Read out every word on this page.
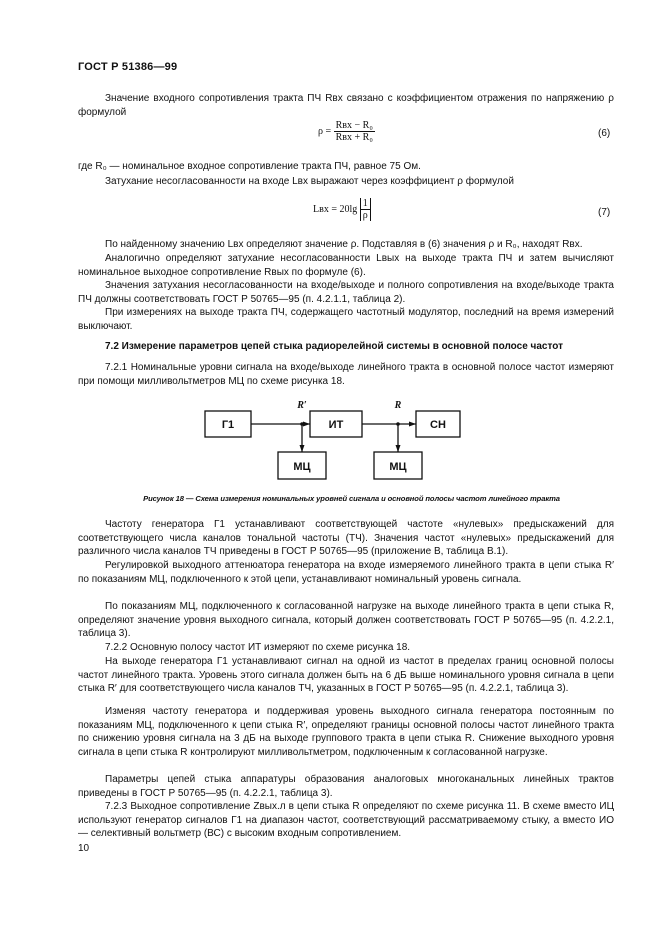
ГОСТ Р 51386—99
Значение входного сопротивления тракта ПЧ Rвх связано с коэффициентом отражения по напряжению ρ формулой
$\rho = \frac{\text{Rвх − R₀}}{\text{Rвх + R₀}}$	(6)
где R₀ — номинальное входное сопротивление тракта ПЧ, равное 75 Ом.
Затухание несогласованности на входе Lвх выражают через коэффициент ρ формулой
Lвх = $20\lg \frac{1}{\rho}$	(7)
По найденному значению Lвх определяют значение ρ. Подставляя в (6) значения ρ и R₀, находят Rвх.
Аналогично определяют затухание несогласованности Lвых на выходе тракта ПЧ и затем вычисляют номинальное выходное сопротивление Rвых по формуле (6).
Значения затухания несогласованности на входе/выходе и полного сопротивления на входе/выходе тракта ПЧ должны соответствовать ГОСТ Р 50765—95 (п. 4.2.1.1, таблица 2).
При измерениях на выходе тракта ПЧ, содержащего частотный модулятор, последний на время измерений выключают.
7.2 Измерение параметров цепей стыка радиорелейной системы в основной полосе частот
7.2.1 Номинальные уровни сигнала на входе/выходе линейного тракта в основной полосе частот измеряют при помощи милливольтметров МЦ по схеме рисунка 18.
Г1	ИТ	СН
МЦ	МЦ
R′	R
Рисунок 18 — Схема измерения номинальных уровней сигнала и основной полосы частот линейного тракта
Частоту генератора Г1 устанавливают соответствующей частоте «нулевых» предыскажений для соответствующего числа каналов тональной частоты (ТЧ). Значения частот «нулевых» предыскажений для различного числа каналов ТЧ приведены в ГОСТ Р 50765—95 (приложение В, таблица В.1).
Регулировкой выходного аттенюатора генератора на входе измеряемого линейного тракта в цепи стыка R′ по показаниям МЦ, подключенного к этой цепи, устанавливают номинальный уровень сигнала.
По показаниям МЦ, подключенного к согласованной нагрузке на выходе линейного тракта в цепи стыка R, определяют значение уровня выходного сигнала, который должен соответствовать ГОСТ Р 50765—95 (п. 4.2.2.1, таблица 3).
7.2.2 Основную полосу частот ИТ измеряют по схеме рисунка 18.
На выходе генератора Г1 устанавливают сигнал на одной из частот в пределах границ основной полосы частот линейного тракта. Уровень этого сигнала должен быть на 6 дБ выше номинального уровня сигнала в цепи стыка R′ для соответствующего числа каналов ТЧ, указанных в ГОСТ Р 50765—95 (п. 4.2.2.1, таблица 3).
Изменяя частоту генератора и поддерживая уровень выходного сигнала генератора постоянным по показаниям МЦ, подключенного к цепи стыка R′, определяют границы основной полосы частот линейного тракта по снижению уровня сигнала на 3 дБ на выходе группового тракта в цепи стыка R. Снижение выходного уровня сигнала в цепи стыка R контролируют милливольтметром, подключенным к согласованной нагрузке.
Параметры цепей стыка аппаратуры образования аналоговых многоканальных линейных трактов приведены в ГОСТ Р 50765—95 (п. 4.2.2.1, таблица 3).
7.2.3 Выходное сопротивление Zвых.л в цепи стыка R определяют по схеме рисунка 11. В схеме вместо ИЦ используют генератор сигналов Г1 на диапазон частот, соответствующий рассматриваемому стыку, а вместо ИО — селективный вольтметр (ВС) с высоким входным сопротивлением.
10
